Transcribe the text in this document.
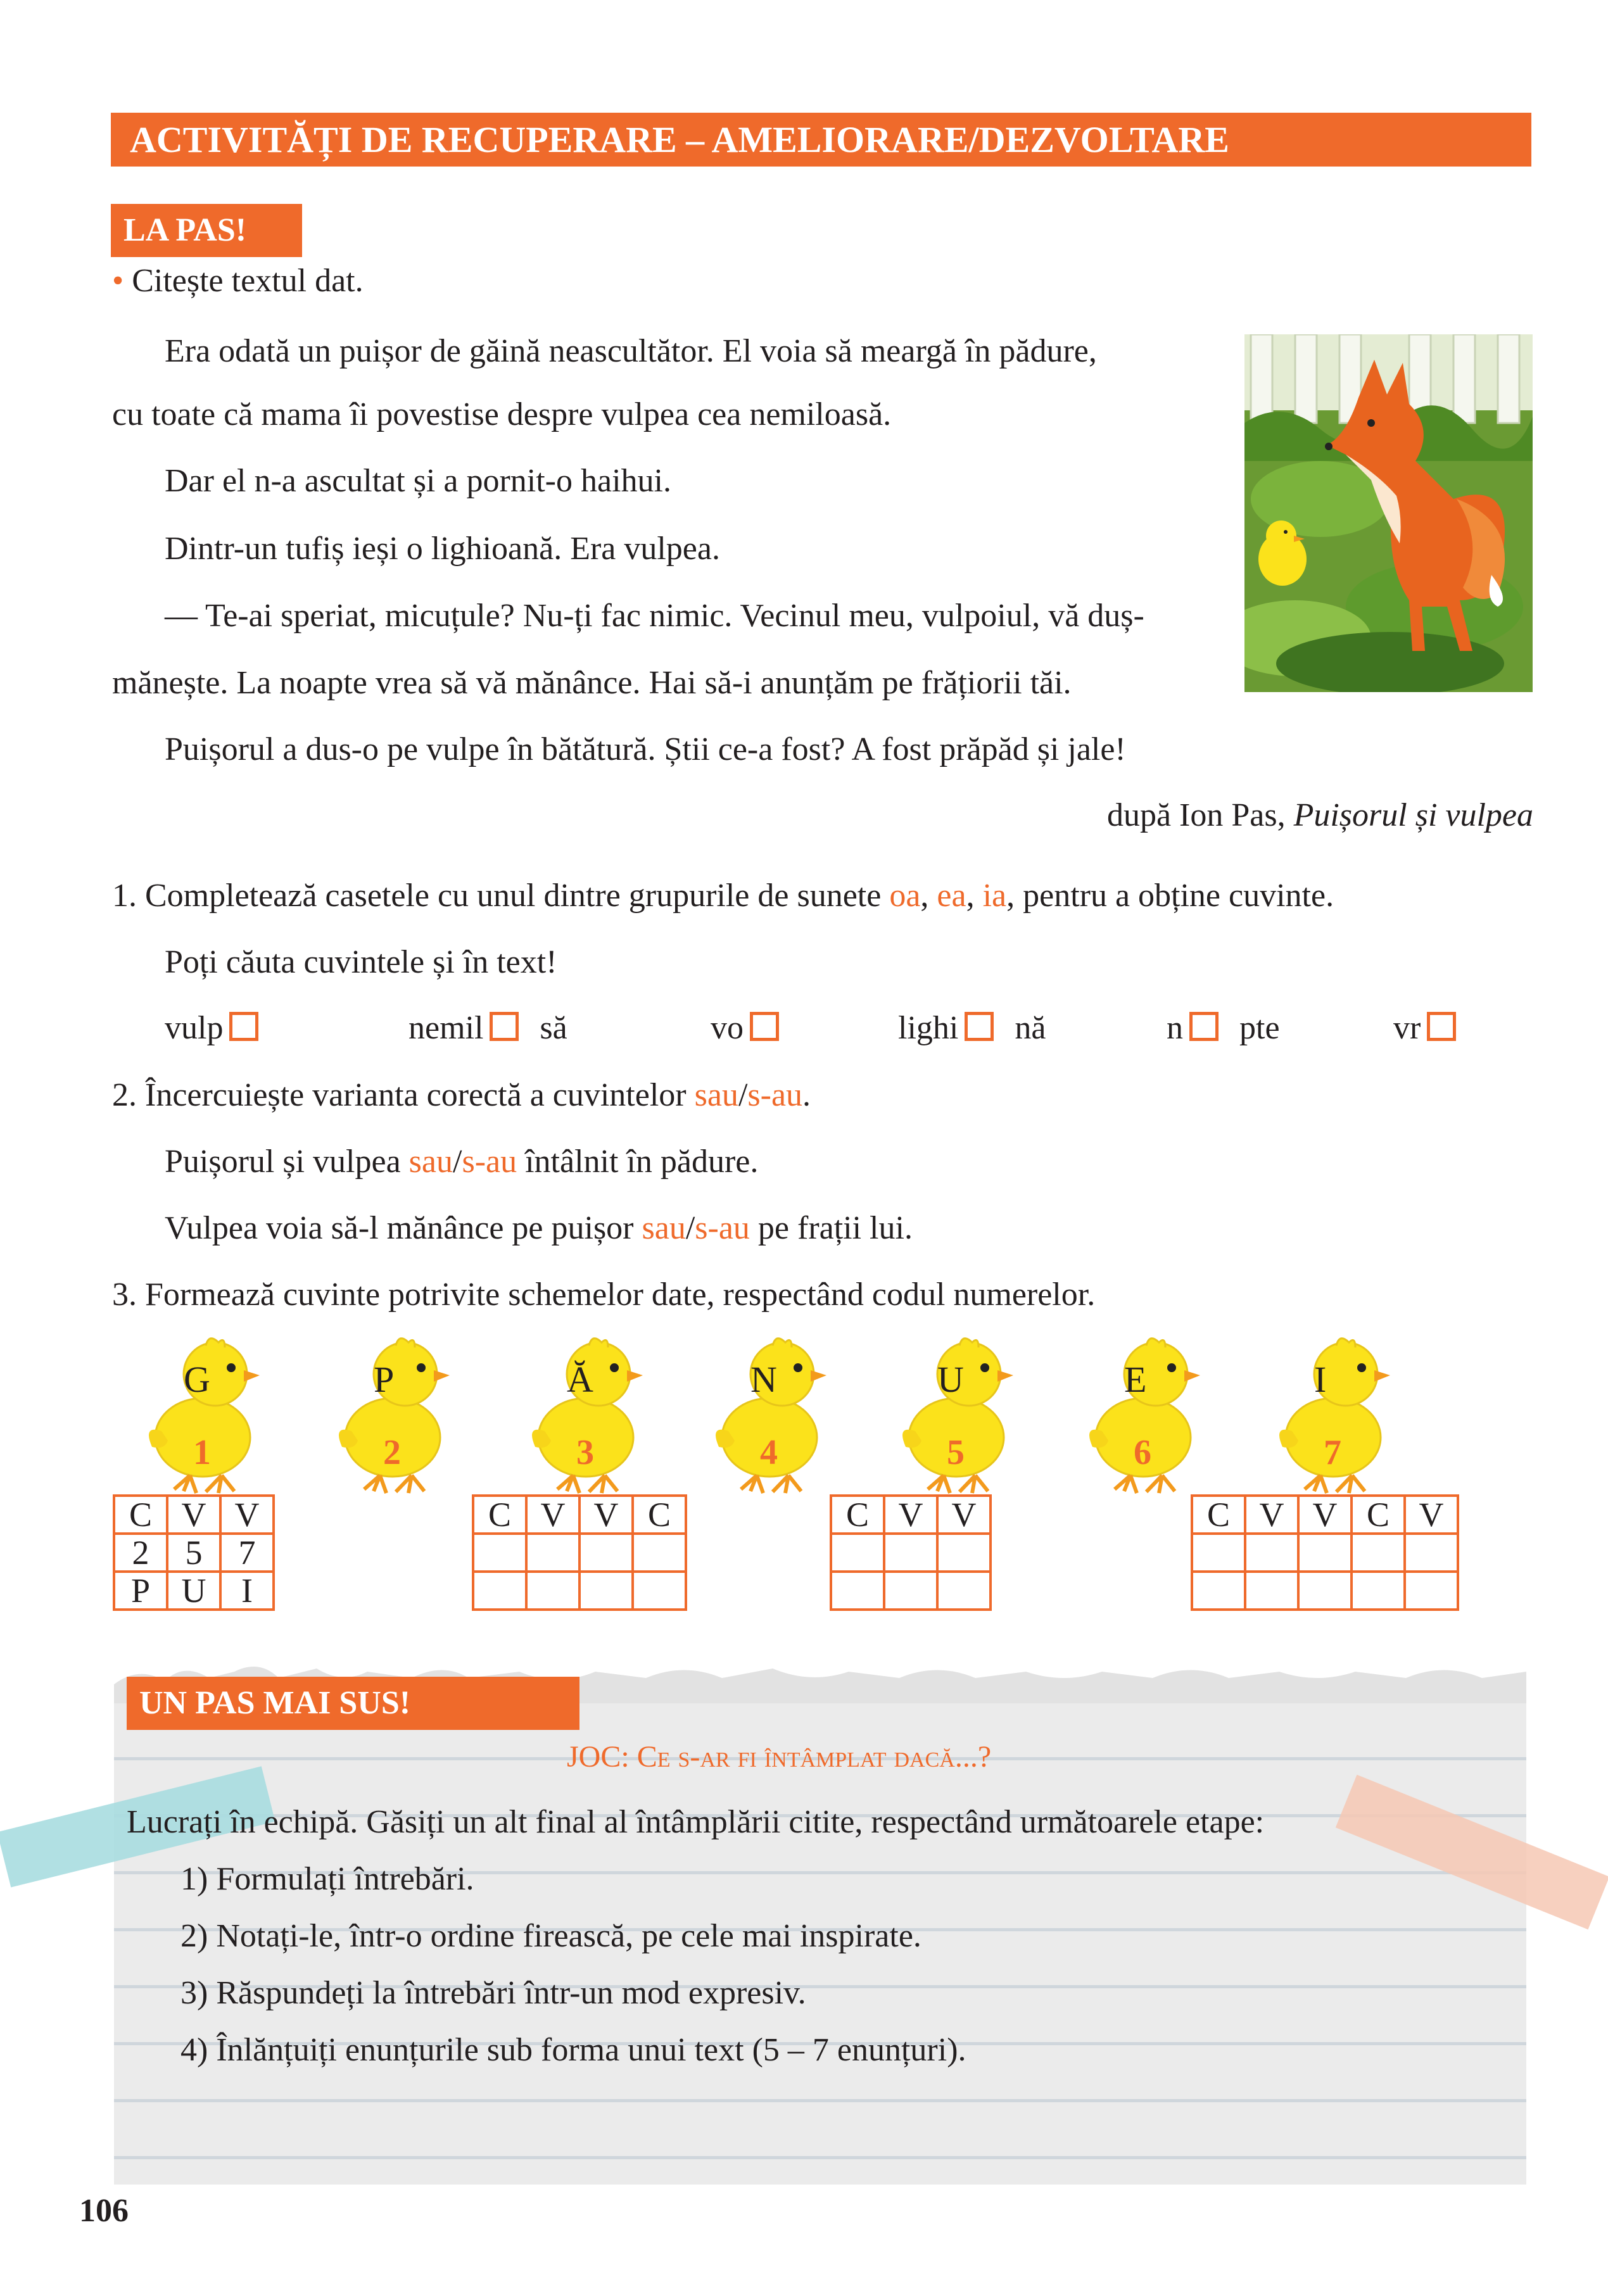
ACTIVITĂȚI DE RECUPERARE – AMELIORARE/DEZVOLTARE
LA PAS!
• Citește textul dat.
Era odată un puișor de găină neascultător. El voia să meargă în pădure,
cu toate că mama îi povestise despre vulpea cea nemiloasă.
Dar el n-a ascultat și a pornit-o haihui.
Dintr-un tufiș ieși o lighioană. Era vulpea.
— Te-ai speriat, micuțule? Nu-ți fac nimic. Vecinul meu, vulpoiul, vă duș-
mănește. La noapte vrea să vă mănânce. Hai să-i anunțăm pe frățiorii tăi.
Puișorul a dus-o pe vulpe în bătătură. Știi ce-a fost? A fost prăpăd și jale!
după Ion Pas, Puișorul și vulpea
1. Completează casetele cu unul dintre grupurile de sunete oa, ea, ia, pentru a obține cuvinte.
Poți căuta cuvintele și în text!
vulp	nemil să	vo	lighi nă	n pte	vr
2. Încercuiește varianta corectă a cuvintelor sau/s-au.
Puișorul și vulpea sau/s-au întâlnit în pădure.
Vulpea voia să-l mănânce pe puișor sau/s-au pe frații lui.
3. Formează cuvinte potrivite schemelor date, respectând codul numerelor.
G
1
P
2
Ă
3
N
4
U
5
E
6
I
7
C	V	V
2	5	7
P	U	I
C	V	V	C

				C	V	V

			C	V	V	C	V

UN PAS MAI SUS!
JOC: Ce s-ar fi întâmplat dacă...?
Lucrați în echipă. Găsiți un alt final al întâmplării citite, respectând următoarele etape:
1) Formulați întrebări.
2) Notați-le, într-o ordine firească, pe cele mai inspirate.
3) Răspundeți la întrebări într-un mod expresiv.
4) Înlănțuiți enunțurile sub forma unui text (5 – 7 enunțuri).
106
